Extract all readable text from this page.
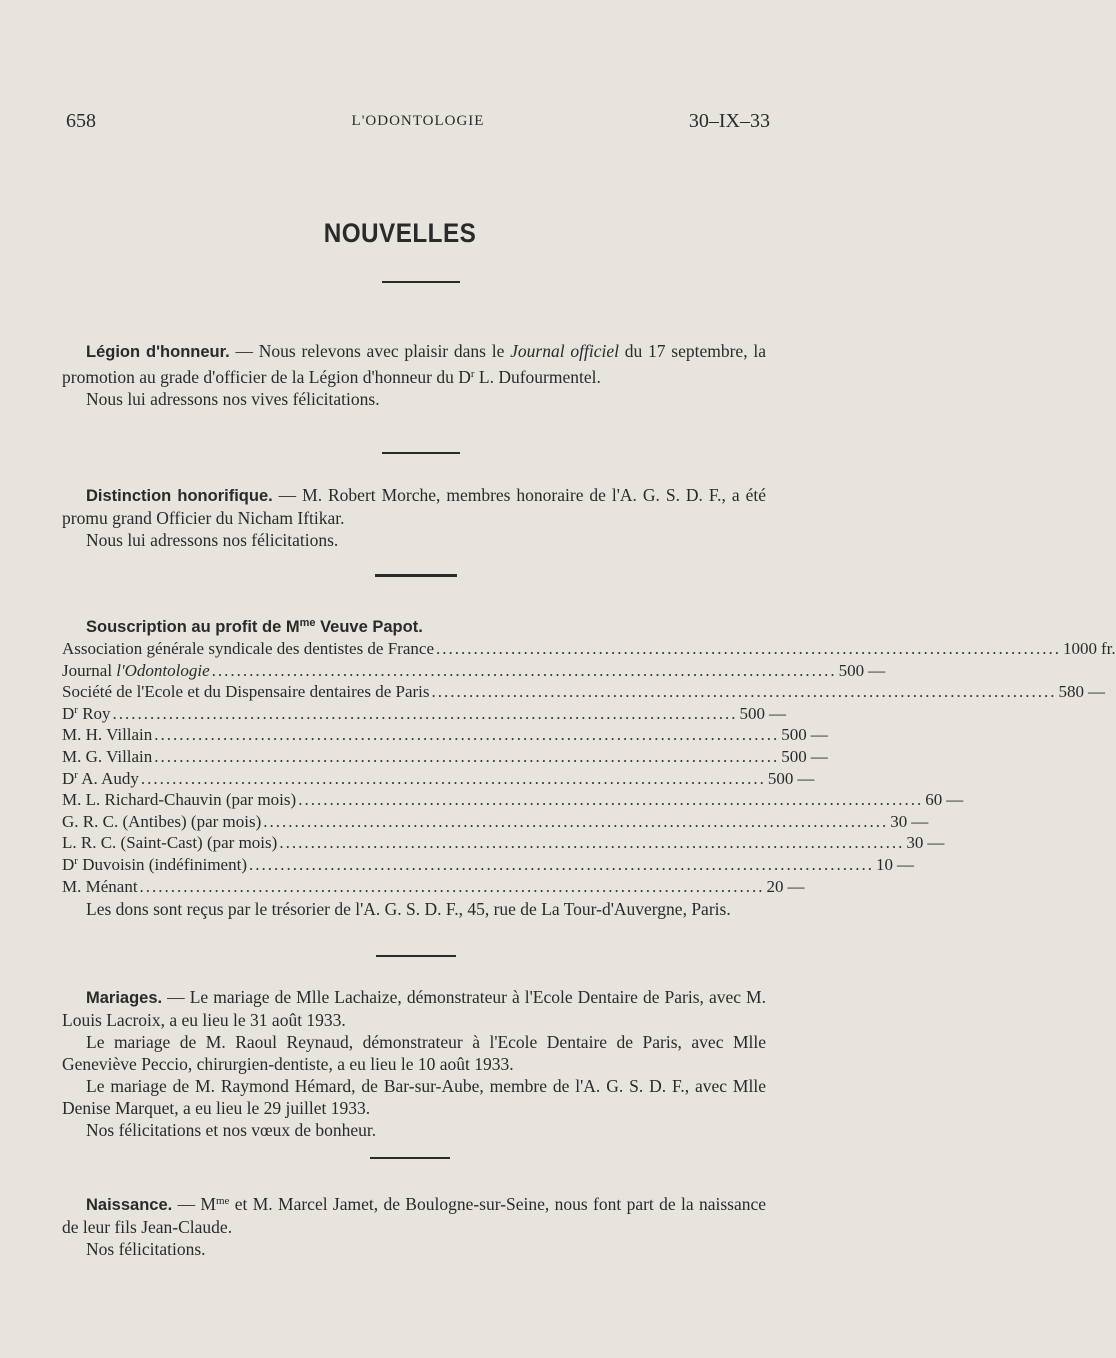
658	L'ODONTOLOGIE	30–IX–33
NOUVELLES

Légion d'honneur. — Nous relevons avec plaisir dans le Journal officiel du 17 septembre, la promotion au grade d'officier de la Légion d'honneur du $D^r$ L. Dufourmentel.

Nous lui adressons nos vives félicitations.

Distinction honorifique. — M. Robert Morche, membres honoraire de l'A. G. S. D. F., a été promu grand Officier du Nicham Iftikar.

Nous lui adressons nos félicitations.

Souscription au profit de $M^{me}$ Veuve Papot.

Association générale syndicale des dentistes de France .................................................................................................... 1000 fr.
Journal l'Odontologie .................................................................................................... 500 —
Société de l'Ecole et du Dispensaire dentaires de Paris .................................................................................................... 580 —
$D^r$ Roy .................................................................................................... 500 —
M. H. Villain .................................................................................................... 500 —
M. G. Villain .................................................................................................... 500 —
$D^r$ A. Audy .................................................................................................... 500 —
M. L. Richard-Chauvin (par mois) .................................................................................................... 60 —
G. R. C. (Antibes) (par mois) .................................................................................................... 30 —
L. R. C. (Saint-Cast) (par mois) .................................................................................................... 30 —
$D^r$ Duvoisin (indéfiniment) .................................................................................................... 10 —
M. Ménant .................................................................................................... 20 —

Les dons sont reçus par le trésorier de l'A. G. S. D. F., 45, rue de La Tour-d'Auvergne, Paris.

Mariages. — Le mariage de Mlle Lachaize, démonstrateur à l'Ecole Dentaire de Paris, avec M. Louis Lacroix, a eu lieu le 31 août 1933.

Le mariage de M. Raoul Reynaud, démonstrateur à l'Ecole Dentaire de Paris, avec Mlle Geneviève Peccio, chirurgien-dentiste, a eu lieu le 10 août 1933.

Le mariage de M. Raymond Hémard, de Bar-sur-Aube, membre de l'A. G. S. D. F., avec Mlle Denise Marquet, a eu lieu le 29 juillet 1933.

Nos félicitations et nos vœux de bonheur.

Naissance. — $M^{me}$ et M. Marcel Jamet, de Boulogne-sur-Seine, nous font part de la naissance de leur fils Jean-Claude.

Nos félicitations.
